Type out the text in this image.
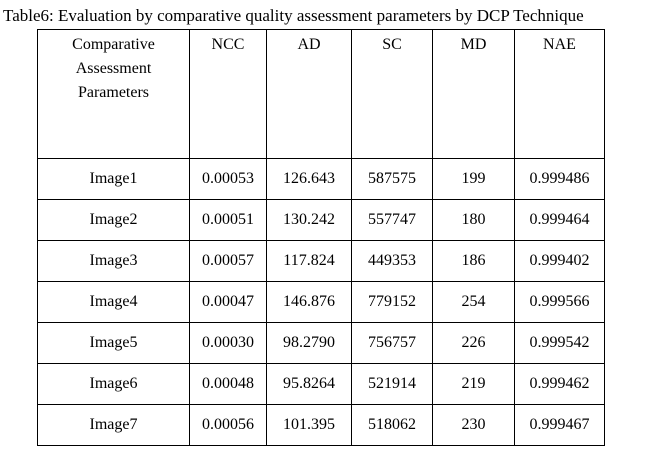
Table6: Evaluation by comparative quality assessment parameters by DCP Technique
Comparative
Assessment
Parameters	NCC	AD	SC	MD	NAE
Image1	0.00053	126.643	587575	199	0.999486
Image2	0.00051	130.242	557747	180	0.999464
Image3	0.00057	117.824	449353	186	0.999402
Image4	0.00047	146.876	779152	254	0.999566
Image5	0.00030	98.2790	756757	226	0.999542
Image6	0.00048	95.8264	521914	219	0.999462
Image7	0.00056	101.395	518062	230	0.999467
